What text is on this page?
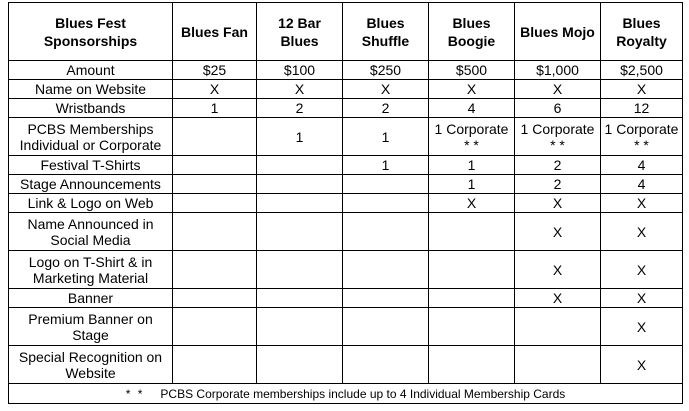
Blues Fest Sponsorships	Blues Fan	12 Bar Blues	Blues Shuffle	Blues Boogie	Blues Mojo	Blues Royalty
Amount	$25	$100	$250	$500	$1,000	$2,500
Name on Website	X	X	X	X	X	X
Wristbands	1	2	2	4	6	12
PCBS Memberships Individual or Corporate		1	1	1 Corporate * *	1 Corporate * *	1 Corporate * *
Festival T-Shirts			1	1	2	4
Stage Announcements				1	2	4
Link & Logo on Web				X	X	X
Name Announced in Social Media					X	X
Logo on T-Shirt & in Marketing Material					X	X
Banner					X	X
Premium Banner on Stage						X
Special Recognition on Website						X
* * PCBS Corporate memberships include up to 4 Individual Membership Cards						
